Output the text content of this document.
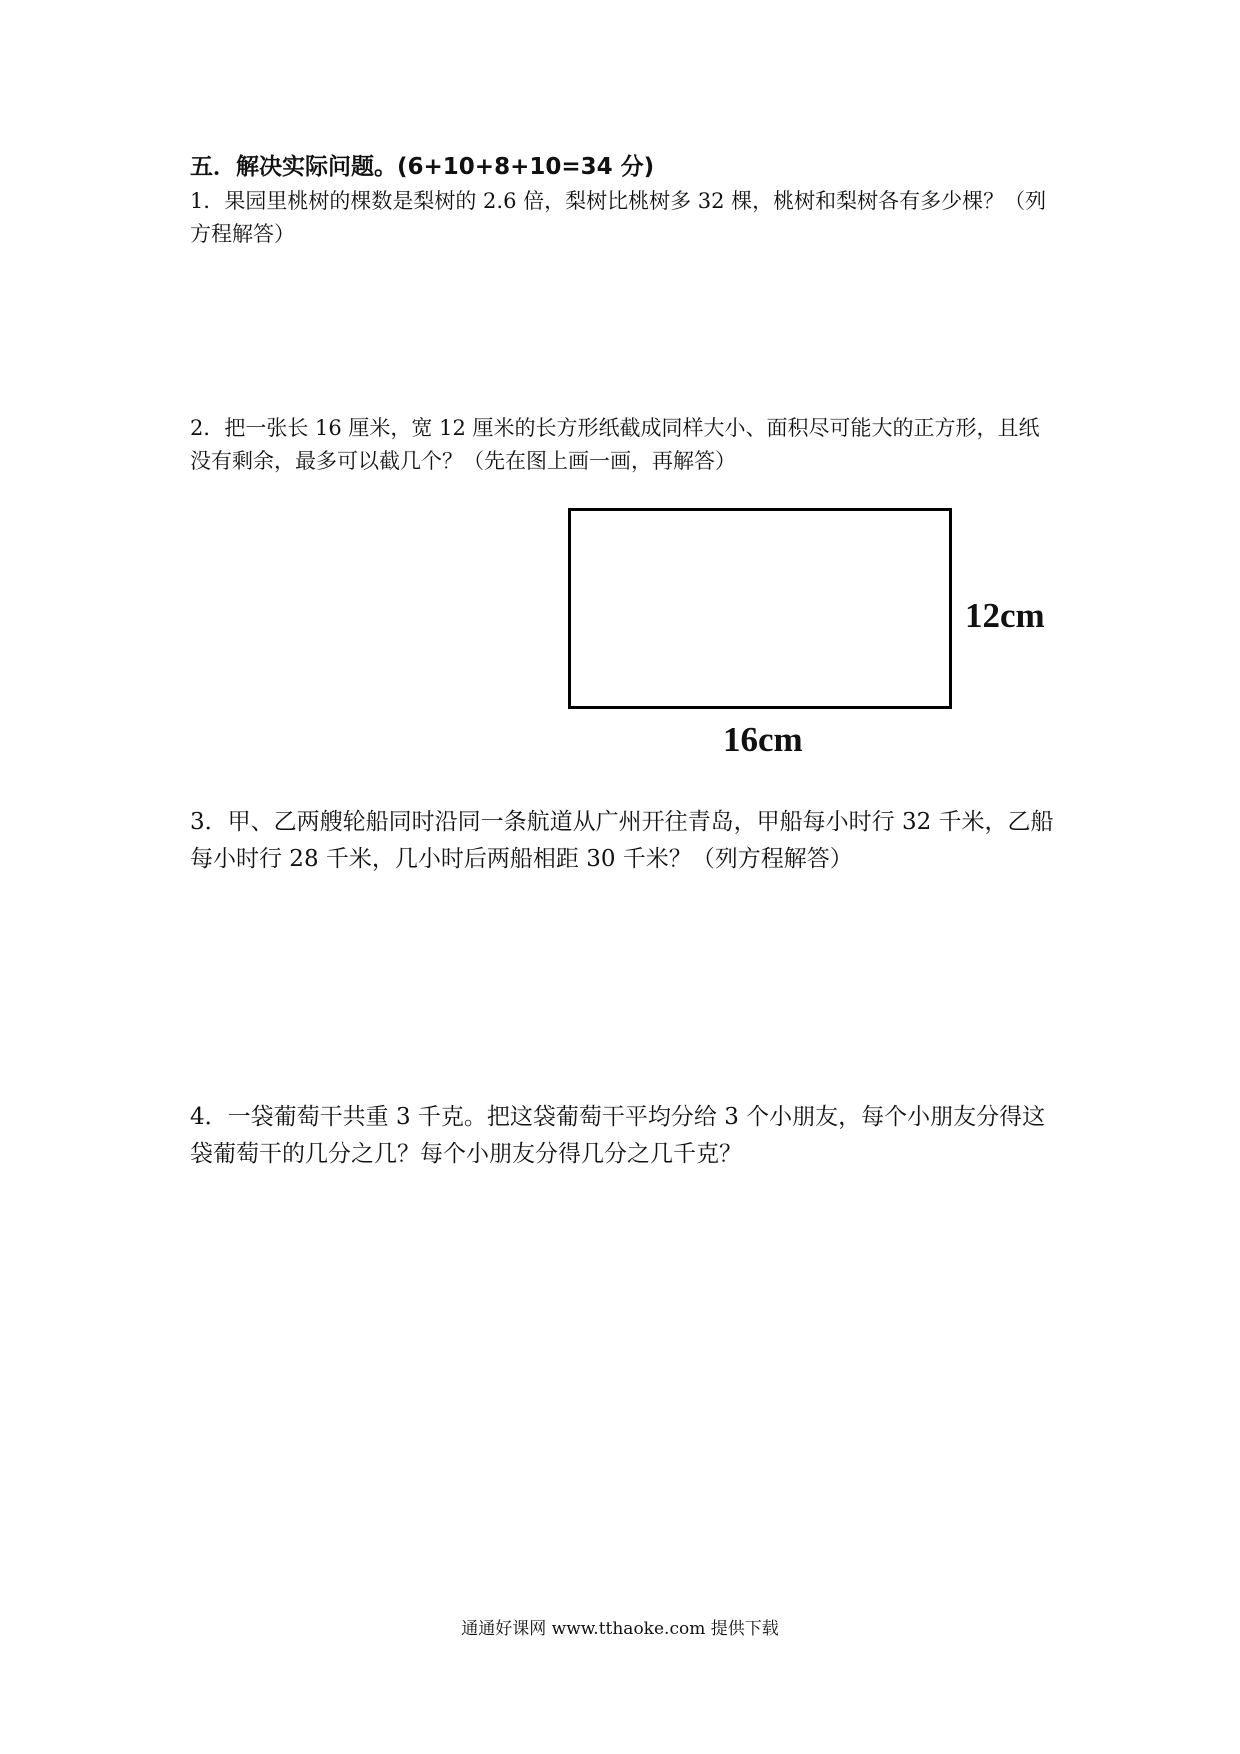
五．解决实际问题。(6+10+8+10=34 分)
1．果园里桃树的棵数是梨树的 2.6 倍，梨树比桃树多 32 棵，桃树和梨树各有多少棵？（列方程解答）
2．把一张长 16 厘米，宽 12 厘米的长方形纸截成同样大小、面积尽可能大的正方形，且纸没有剩余，最多可以截几个？（先在图上画一画，再解答）
12cm
16cm
3．甲、乙两艘轮船同时沿同一条航道从广州开往青岛，甲船每小时行 32 千米，乙船每小时行 28 千米，几小时后两船相距 30 千米？（列方程解答）
4．一袋葡萄干共重 3 千克。把这袋葡萄干平均分给 3 个小朋友，每个小朋友分得这袋葡萄干的几分之几？每个小朋友分得几分之几千克？
通通好课网 www.tthaoke.com 提供下载
